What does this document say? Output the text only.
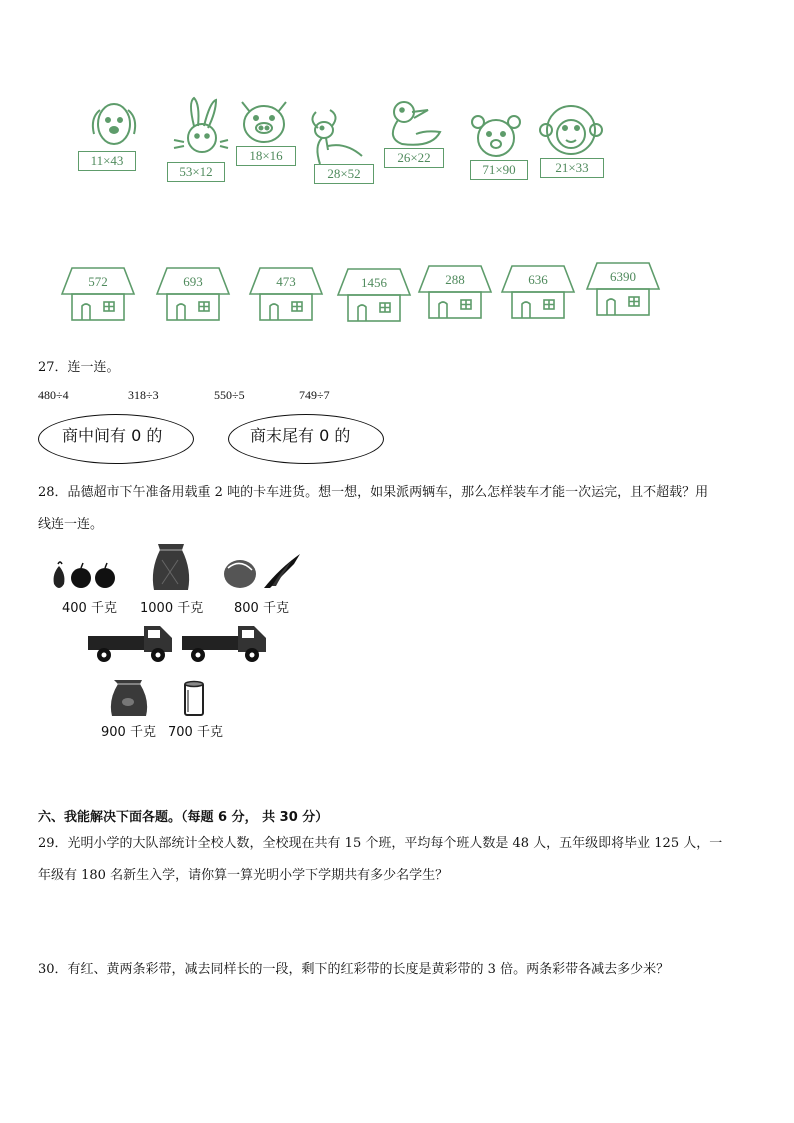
11×43
53×12
18×16
28×52
26×22
71×90	21×33
572	693	473	1456	288	636	6390
27．连一连。
480÷4	318÷3	550÷5	749÷7
商中间有 0 的	商末尾有 0 的
28．品德超市下午准备用载重 2 吨的卡车进货。想一想，如果派两辆车，那么怎样装车才能一次运完，且不超载？用
线连一连。
400 千克 1000 千克 800 千克
900 千克 700 千克
六、我能解决下面各题。（每题 6 分， 共 30 分）
29．光明小学的大队部统计全校人数，全校现在共有 15 个班，平均每个班人数是 48 人，五年级即将毕业 125 人，一
年级有 180 名新生入学，请你算一算光明小学下学期共有多少名学生？
30．有红、黄两条彩带，减去同样长的一段，剩下的红彩带的长度是黄彩带的 3 倍。两条彩带各减去多少米？
